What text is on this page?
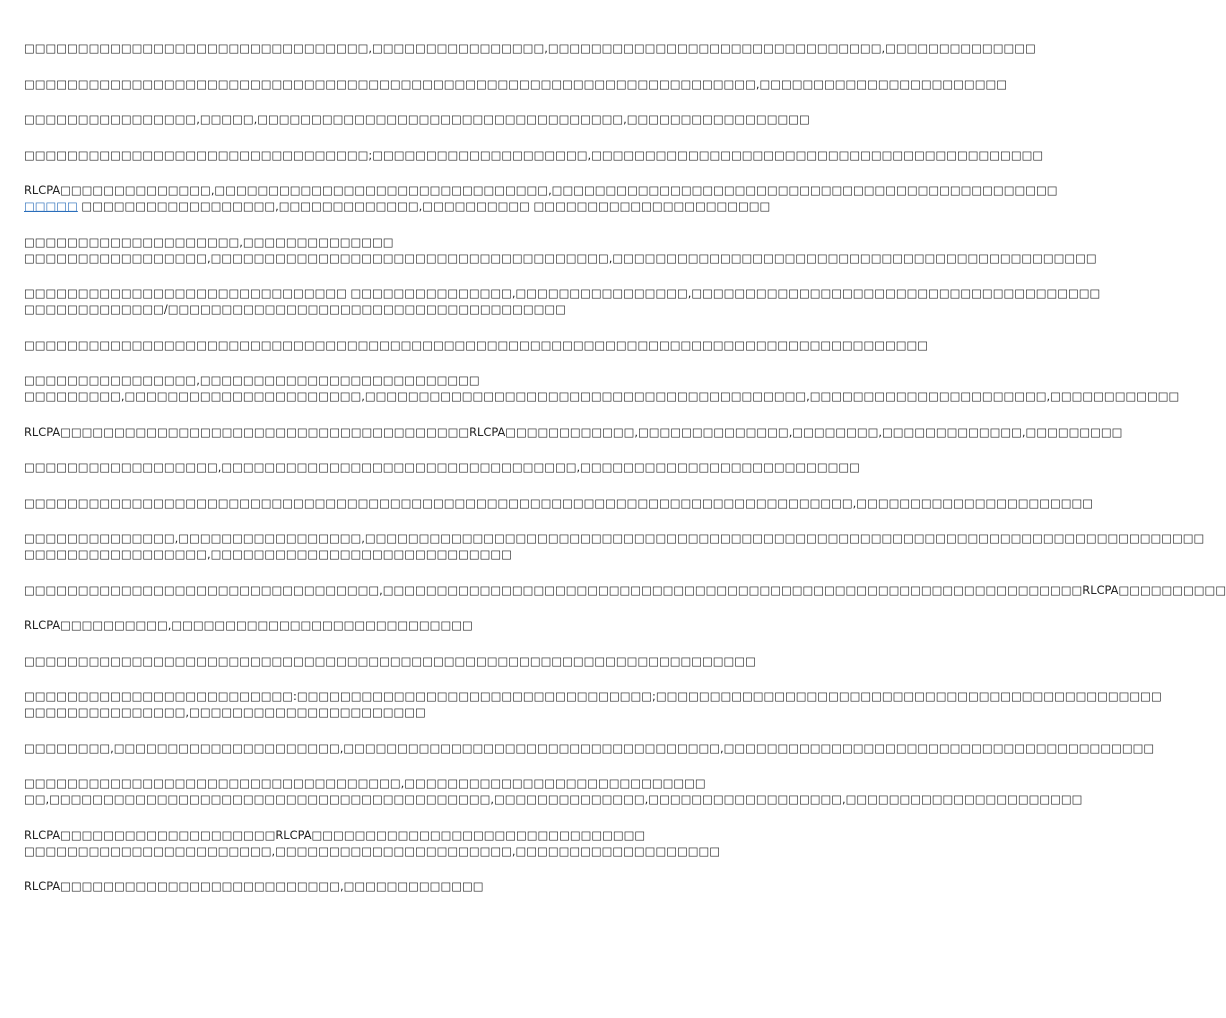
□□□□□□□□□□□□□□□□□□□□□□□□□□□□□□□□,□□□□□□□□□□□□□□□□,□□□□□□□□□□□□□□□□□□□□□□□□□□□□□□□,□□□□□□□□□□□□□□

□□□□□□□□□□□□□□□□□□□□□□□□□□□□□□□□□□□□□□□□□□□□□□□□□□□□□□□□□□□□□□□□□□□□,□□□□□□□□□□□□□□□□□□□□□□□

□□□□□□□□□□□□□□□□,□□□□□,□□□□□□□□□□□□□□□□□□□□□□□□□□□□□□□□□□,□□□□□□□□□□□□□□□□□

□□□□□□□□□□□□□□□□□□□□□□□□□□□□□□□□;□□□□□□□□□□□□□□□□□□□□,□□□□□□□□□□□□□□□□□□□□□□□□□□□□□□□□□□□□□□□□□□

RLCPA□□□□□□□□□□□□□□,□□□□□□□□□□□□□□□□□□□□□□□□□□□□□□□,□□□□□□□□□□□□□□□□□□□□□□□□□□□□□□□□□□□□□□□□□□□□□□□
□□□□□ □□□□□□□□□□□□□□□□□□,□□□□□□□□□□□□□,□□□□□□□□□□ □□□□□□□□□□□□□□□□□□□□□□

□□□□□□□□□□□□□□□□□□□□,□□□□□□□□□□□□□□
□□□□□□□□□□□□□□□□□,□□□□□□□□□□□□□□□□□□□□□□□□□□□□□□□□□□□□□,□□□□□□□□□□□□□□□□□□□□□□□□□□□□□□□□□□□□□□□□□□□□□

□□□□□□□□□□□□□□□□□□□□□□□□□□□□□□ □□□□□□□□□□□□□□□,□□□□□□□□□□□□□□□□,□□□□□□□□□□□□□□□□□□□□□□□□□□□□□□□□□□□□□□
□□□□□□□□□□□□□/□□□□□□□□□□□□□□□□□□□□□□□□□□□□□□□□□□□□□

□□□□□□□□□□□□□□□□□□□□□□□□□□□□□□□□□□□□□□□□□□□□□□□□□□□□□□□□□□□□□□□□□□□□□□□□□□□□□□□□□□□□

□□□□□□□□□□□□□□□□,□□□□□□□□□□□□□□□□□□□□□□□□□□
□□□□□□□□□,□□□□□□□□□□□□□□□□□□□□□□,□□□□□□□□□□□□□□□□□□□□□□□□□□□□□□□□□□□□□□□□□,□□□□□□□□□□□□□□□□□□□□□□,□□□□□□□□□□□□

RLCPA□□□□□□□□□□□□□□□□□□□□□□□□□□□□□□□□□□□□□□RLCPA□□□□□□□□□□□□,□□□□□□□□□□□□□□,□□□□□□□□,□□□□□□□□□□□□□,□□□□□□□□□

□□□□□□□□□□□□□□□□□□,□□□□□□□□□□□□□□□□□□□□□□□□□□□□□□□□□,□□□□□□□□□□□□□□□□□□□□□□□□□□

□□□□□□□□□□□□□□□□□□□□□□□□□□□□□□□□□□□□□□□□□□□□□□□□□□□□□□□□□□□□□□□□□□□□□□□□□□□□□,□□□□□□□□□□□□□□□□□□□□□□

□□□□□□□□□□□□□□,□□□□□□□□□□□□□□□□□,□□□□□□□□□□□□□□□□□□□□□□□□□□□□□□□□□□□□□□□□□□□□□□□□□□□□□□□□□□□□□□□□□□□□□□□□□□□□□□
□□□□□□□□□□□□□□□□□,□□□□□□□□□□□□□□□□□□□□□□□□□□□□

□□□□□□□□□□□□□□□□□□□□□□□□□□□□□□□□□,□□□□□□□□□□□□□□□□□□□□□□□□□□□□□□□□□□□□□□□□□□□□□□□□□□□□□□□□□□□□□□□□□RLCPA□□□□□□□□□□

RLCPA□□□□□□□□□□,□□□□□□□□□□□□□□□□□□□□□□□□□□□□

□□□□□□□□□□□□□□□□□□□□□□□□□□□□□□□□□□□□□□□□□□□□□□□□□□□□□□□□□□□□□□□□□□□□

□□□□□□□□□□□□□□□□□□□□□□□□□:□□□□□□□□□□□□□□□□□□□□□□□□□□□□□□□□□;□□□□□□□□□□□□□□□□□□□□□□□□□□□□□□□□□□□□□□□□□□□□□□□
□□□□□□□□□□□□□□□,□□□□□□□□□□□□□□□□□□□□□□

□□□□□□□□,□□□□□□□□□□□□□□□□□□□□□,□□□□□□□□□□□□□□□□□□□□□□□□□□□□□□□□□□□,□□□□□□□□□□□□□□□□□□□□□□□□□□□□□□□□□□□□□□□□

□□□□□□□□□□□□□□□□□□□□□□□□□□□□□□□□□□□,□□□□□□□□□□□□□□□□□□□□□□□□□□□□
□□,□□□□□□□□□□□□□□□□□□□□□□□□□□□□□□□□□□□□□□□□□,□□□□□□□□□□□□□□,□□□□□□□□□□□□□□□□□□,□□□□□□□□□□□□□□□□□□□□□□

RLCPA□□□□□□□□□□□□□□□□□□□□RLCPA□□□□□□□□□□□□□□□□□□□□□□□□□□□□□□□
□□□□□□□□□□□□□□□□□□□□□□□,□□□□□□□□□□□□□□□□□□□□□□,□□□□□□□□□□□□□□□□□□□

RLCPA□□□□□□□□□□□□□□□□□□□□□□□□□□,□□□□□□□□□□□□□
